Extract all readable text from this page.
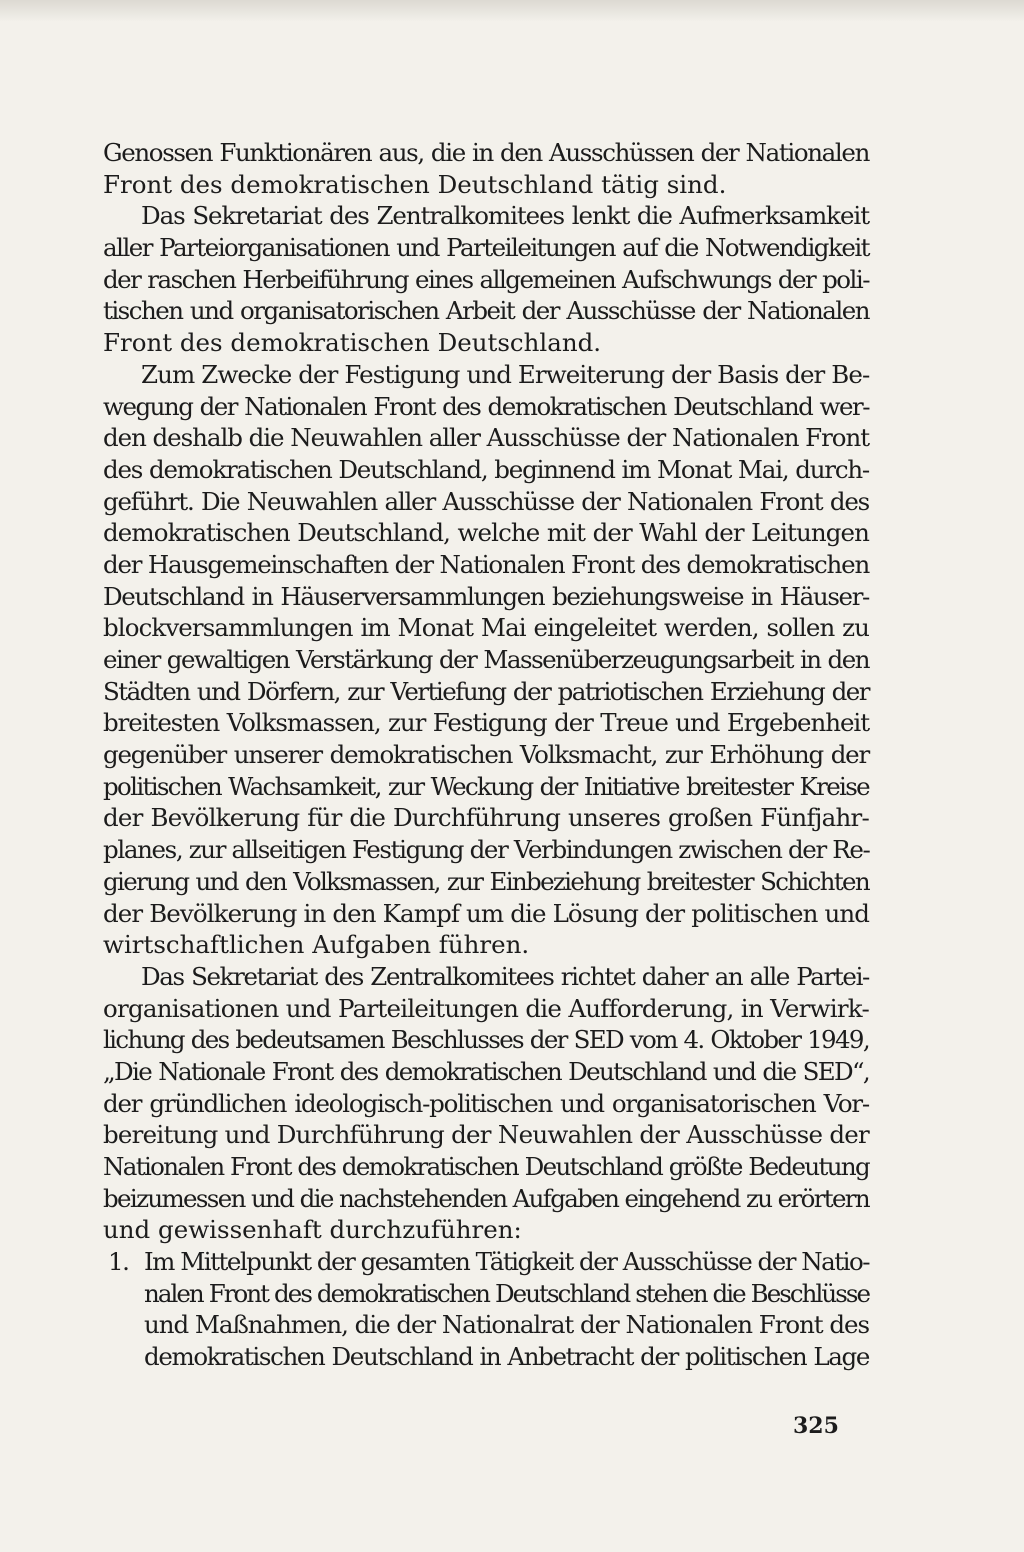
Genossen Funktionären aus, die in den Ausschüssen der Nationalen
Front des demokratischen Deutschland tätig sind.
Das Sekretariat des Zentralkomitees lenkt die Aufmerksamkeit
aller Parteiorganisationen und Parteileitungen auf die Notwendigkeit
der raschen Herbeiführung eines allgemeinen Aufschwungs der poli-
tischen und organisatorischen Arbeit der Ausschüsse der Nationalen
Front des demokratischen Deutschland.
Zum Zwecke der Festigung und Erweiterung der Basis der Be-
wegung der Nationalen Front des demokratischen Deutschland wer-
den deshalb die Neuwahlen aller Ausschüsse der Nationalen Front
des demokratischen Deutschland, beginnend im Monat Mai, durch-
geführt. Die Neuwahlen aller Ausschüsse der Nationalen Front des
demokratischen Deutschland, welche mit der Wahl der Leitungen
der Hausgemeinschaften der Nationalen Front des demokratischen
Deutschland in Häuserversammlungen beziehungsweise in Häuser-
blockversammlungen im Monat Mai eingeleitet werden, sollen zu
einer gewaltigen Verstärkung der Massenüberzeugungsarbeit in den
Städten und Dörfern, zur Vertiefung der patriotischen Erziehung der
breitesten Volksmassen, zur Festigung der Treue und Ergebenheit
gegenüber unserer demokratischen Volksmacht, zur Erhöhung der
politischen Wachsamkeit, zur Weckung der Initiative breitester Kreise
der Bevölkerung für die Durchführung unseres großen Fünfjahr-
planes, zur allseitigen Festigung der Verbindungen zwischen der Re-
gierung und den Volksmassen, zur Einbeziehung breitester Schichten
der Bevölkerung in den Kampf um die Lösung der politischen und
wirtschaftlichen Aufgaben führen.
Das Sekretariat des Zentralkomitees richtet daher an alle Partei-
organisationen und Parteileitungen die Aufforderung, in Verwirk-
lichung des bedeutsamen Beschlusses der SED vom 4. Oktober 1949,
„Die Nationale Front des demokratischen Deutschland und die SED“,
der gründlichen ideologisch-politischen und organisatorischen Vor-
bereitung und Durchführung der Neuwahlen der Ausschüsse der
Nationalen Front des demokratischen Deutschland größte Bedeutung
beizumessen und die nachstehenden Aufgaben eingehend zu erörtern
und gewissenhaft durchzuführen:
1. Im Mittelpunkt der gesamten Tätigkeit der Ausschüsse der Natio-
nalen Front des demokratischen Deutschland stehen die Beschlüsse
und Maßnahmen, die der Nationalrat der Nationalen Front des
demokratischen Deutschland in Anbetracht der politischen Lage
325
